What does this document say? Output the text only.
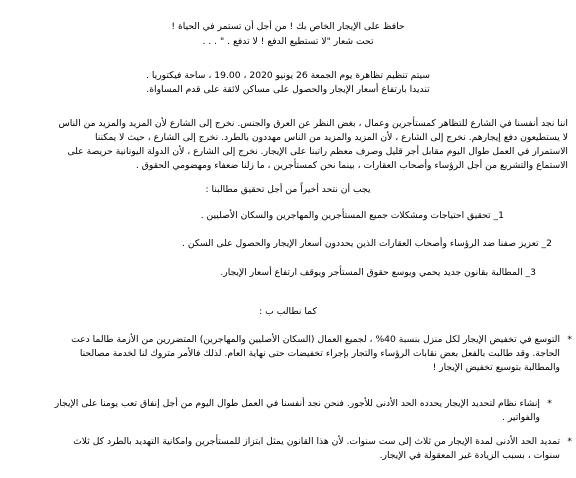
حافظ على الإيجار الخاص بك ! من أجل أن تستمر في الحياة !

تحت شعار "لا تستطيع الدفع ! لا تدفع . " . . .

سيتم تنظيم تظاهرة يوم الجمعة 26 يونيو 2020 ، 19.00 ، ساحة فيكتوريا .

تنديدا بارتفاع أسعار الإيجار والحصول على مساكن لائقة على قدم المساواة.

اننا نجد أنفسنا في الشارع للتظاهر كمستأجرين وعمال ، بغض النظر عن العرق والجنس. نخرج إلى الشارع لأن المزيد والمزيد من الناس

لا يستطيعون دفع إيجارهم. نخرج إلى الشارع ، لأن المزيد والمزيد من الناس مهددون بالطرد. نخرج إلى الشارع ، حيث لا يمكننا

الاستمرار في العمل طوال اليوم مقابل أجر قليل وصرف معظم راتبنا على الإيجار. نخرج إلى الشارع ، لأن الدولة اليونانية حريصة على

الاستماع والتشريع من أجل الرؤساء وأصحاب العقارات ، بينما نحن كمستأجرين ، ما زلنا ضعفاء ومهضومي الحقوق .

يجب أن نتحد أخيراً من أجل تحقيق مطالبنا :

1_ تحقيق احتياجات ومشكلات جميع المستأجرين والمهاجرين والسكان الأصليين .

2_ تعزيز صفنا ضد الرؤساء وأصحاب العقارات الذين يحددون أسعار الإيجار والحصول على السكن .

3_ المطالبة بقانون جديد يحمي ويوسع حقوق المستأجر ويوقف ارتفاع أسعار الإيجار.

كما نطالب ب :

*

التوسع في تخفيض الإيجار لكل منزل بنسبة 40% ، لجميع العمال (السكان الأصليين والمهاجرين) المتضررين من الأزمة طالما دعت

الحاجة. وقد طالبت بالفعل بعض نقابات الرؤساء والتجار بإجراء تخفيضات حتى نهاية العام. لذلك فالأمر متروك لنا لخدمة مصالحنا

والمطالبة بتوسيع تخفيض الإيجار !

*

إنشاء نظام لتحديد الإيجار يحدده الحد الأدنى للأجور. فنحن نجد أنفسنا في العمل طوال اليوم من أجل إنفاق تعب يومنا على الإيجار

والفواتير .

*

تمديد الحد الأدنى لمدة الإيجار من ثلاث إلى ست سنوات. لأن هذا القانون يمثل ابتزاز للمستأجرين وامكانية التهديد بالطرد كل ثلاث

سنوات ، بسبب الزيادة غير المعقولة في الإيجار.
